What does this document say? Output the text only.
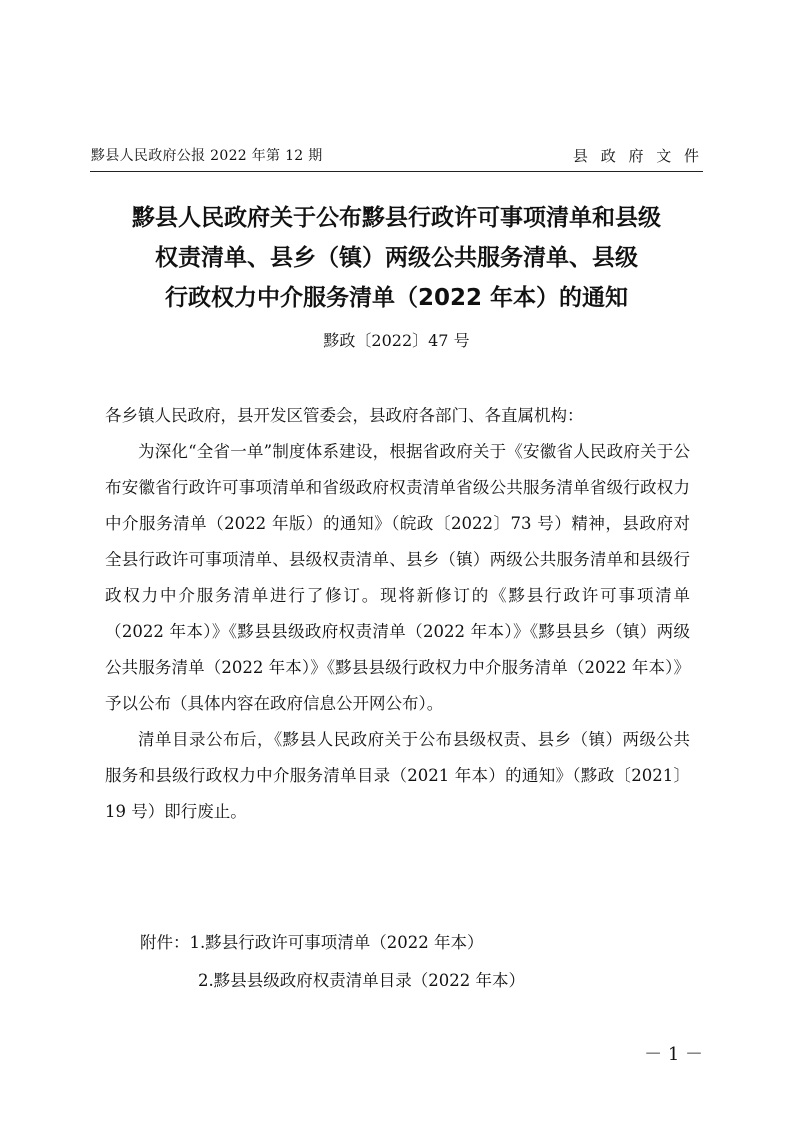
黟县人民政府公报 2022 年第 12 期	县 政 府 文 件
黟县人民政府关于公布黟县行政许可事项清单和县级
权责清单、县乡（镇）两级公共服务清单、县级
行政权力中介服务清单（2022 年本）的通知
黟政〔2022〕47 号

各乡镇人民政府，县开发区管委会，县政府各部门、各直属机构：

为深化“全省一单”制度体系建设，根据省政府关于《安徽省人民政府关于公布安徽省行政许可事项清单和省级政府权责清单省级公共服务清单省级行政权力中介服务清单（2022 年版）的通知》（皖政〔2022〕73 号）精神，县政府对全县行政许可事项清单、县级权责清单、县乡（镇）两级公共服务清单和县级行政权力中介服务清单进行了修订。现将新修订的《黟县行政许可事项清单（2022 年本）》《黟县县级政府权责清单（2022 年本）》《黟县县乡（镇）两级公共服务清单（2022 年本）》《黟县县级行政权力中介服务清单（2022 年本）》予以公布（具体内容在政府信息公开网公布）。

清单目录公布后，《黟县人民政府关于公布县级权责、县乡（镇）两级公共服务和县级行政权力中介服务清单目录（2021 年本）的通知》（黟政〔2021〕19 号）即行废止。

附件：1.黟县行政许可事项清单（2022 年本）
2.黟县县级政府权责清单目录（2022 年本）
－ 1 －
